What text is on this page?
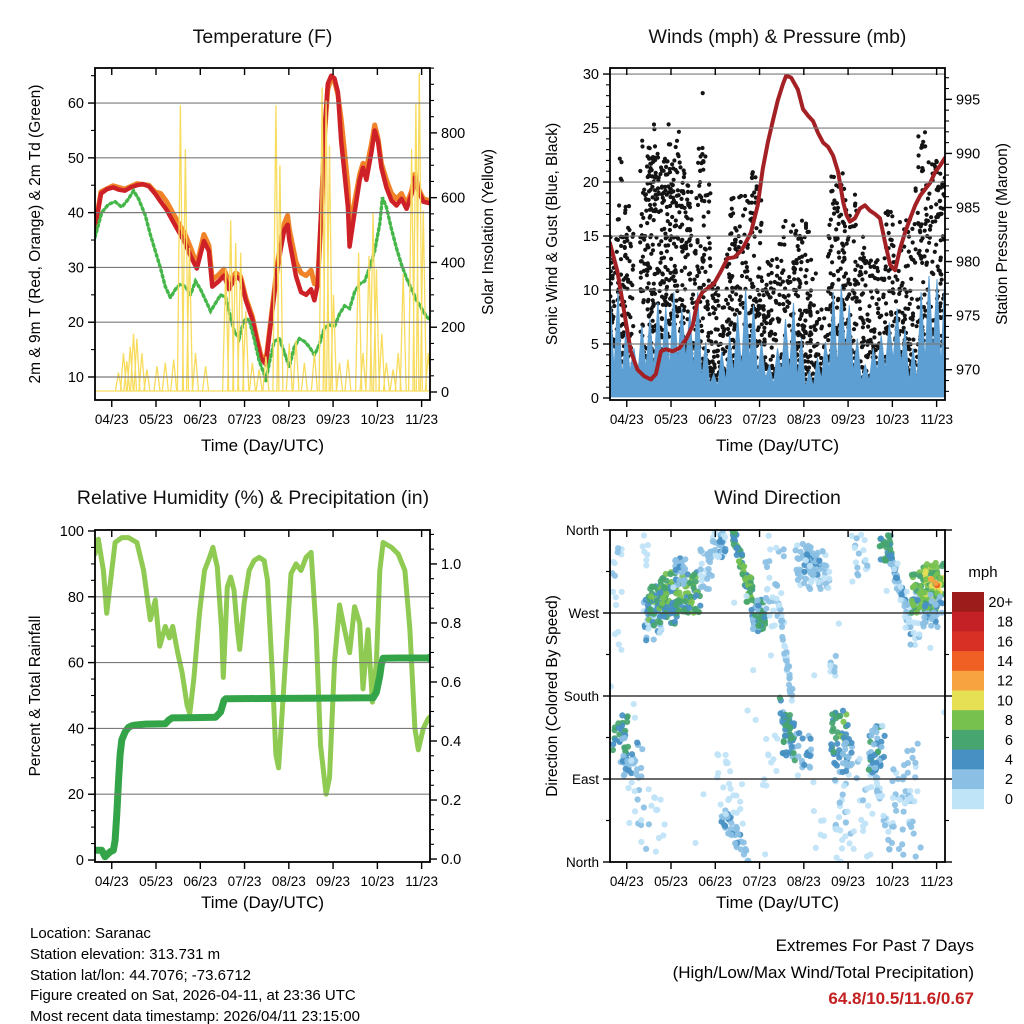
04/23 05/23 06/23 07/23 08/23 09/23 10/23 11/23
10
20
30
40
50
60
0
200
400
600
800
04/23 05/23 06/23 07/23 08/23 09/23 10/23 11/23
0
5
10
15
20
25
30
970
975
980
985
990
995
04/23 05/23 06/23 07/23 08/23 09/23 10/23 11/23
0
20
40
60
80
100
0.0
0.2
0.4
0.6
0.8
1.0
04/23 05/23 06/23 07/23 08/23 09/23 10/23 11/23
North
West
South
East
North
20+
18
16
14
12
10
8
6
4
2
0
Temperature (F)	Winds (mph) & Pressure (mb)
Relative Humidity (%) & Precipitation (in)	Wind Direction
Time (Day/UTC)	Time (Day/UTC)
Time (Day/UTC)	Time (Day/UTC)
2m & 9m T (Red, Orange) & 2m Td (Green)	Solar Insolation (Yellow)	Sonic Wind & Gust (Blue, Black)	Station Pressure (Maroon)
Percent & Total Rainfall	Direction (Colored By Speed)
mph
Location: Saranac
Station elevation: 313.731 m
Station lat/lon: 44.7076; -73.6712
Figure created on Sat, 2026-04-11, at 23:36 UTC
Most recent data timestamp: 2026/04/11 23:15:00
Extremes For Past 7 Days
(High/Low/Max Wind/Total Precipitation)
64.8/10.5/11.6/0.67
